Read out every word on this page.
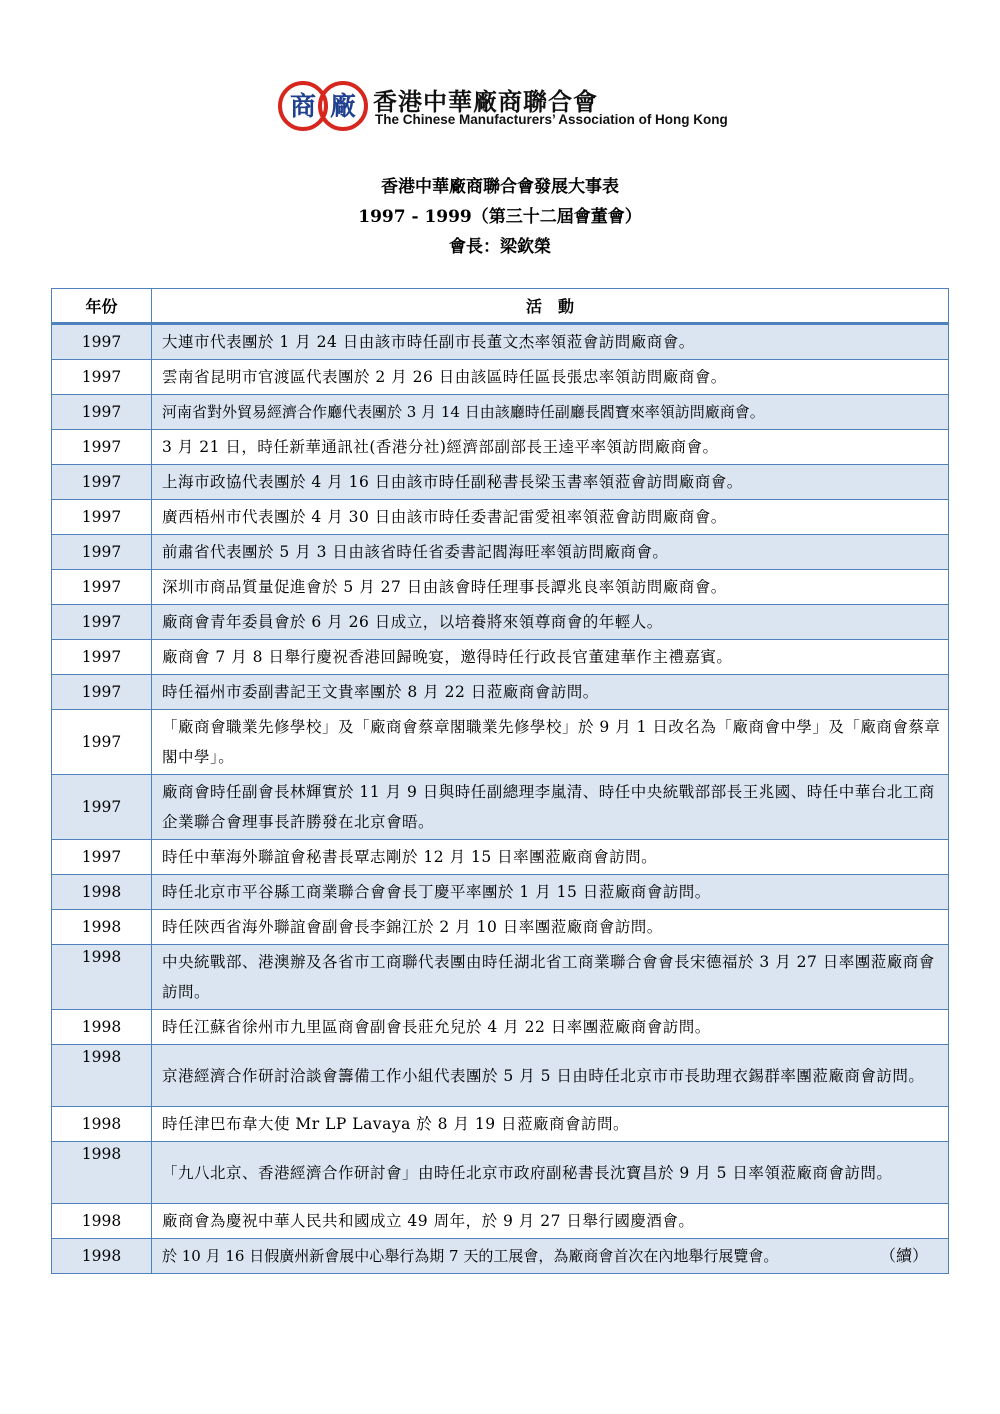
商 廠 香港中華廠商聯合會
The Chinese Manufacturers’ Association of Hong Kong
香港中華廠商聯合會發展大事表
1997 - 1999（第三十二屆會董會）
會長：梁欽榮
年份	活　動
1997	大連市代表團於 1 月 24 日由該市時任副市長董文杰率領蒞會訪問廠商會。
1997	雲南省昆明市官渡區代表團於 2 月 26 日由該區時任區長張忠率領訪問廠商會。
1997	河南省對外貿易經濟合作廳代表團於 3 月 14 日由該廳時任副廳長閻寶來率領訪問廠商會。
1997	3 月 21 日，時任新華通訊社(香港分社)經濟部副部長王逵平率領訪問廠商會。
1997	上海市政協代表團於 4 月 16 日由該市時任副秘書長梁玉書率領蒞會訪問廠商會。
1997	廣西梧州市代表團於 4 月 30 日由該市時任委書記雷愛祖率領蒞會訪問廠商會。
1997	前肅省代表團於 5 月 3 日由該省時任省委書記閻海旺率領訪問廠商會。
1997	深圳市商品質量促進會於 5 月 27 日由該會時任理事長譚兆良率領訪問廠商會。
1997	廠商會青年委員會於 6 月 26 日成立，以培養將來領尊商會的年輕人。
1997	廠商會 7 月 8 日舉行慶祝香港回歸晚宴，邀得時任行政長官董建華作主禮嘉賓。
1997	時任福州市委副書記王文貴率團於 8 月 22 日蒞廠商會訪問。
1997	「廠商會職業先修學校」及「廠商會蔡章閣職業先修學校」於 9 月 1 日改名為「廠商會中學」及「廠商會蔡章閣中學」。
1997	廠商會時任副會長林輝實於 11 月 9 日與時任副總理李嵐清、時任中央統戰部部長王兆國、時任中華台北工商企業聯合會理事長許勝發在北京會晤。
1997	時任中華海外聯誼會秘書長覃志剛於 12 月 15 日率團蒞廠商會訪問。
1998	時任北京市平谷縣工商業聯合會會長丁慶平率團於 1 月 15 日蒞廠商會訪問。
1998	時任陝西省海外聯誼會副會長李錦江於 2 月 10 日率團蒞廠商會訪問。
1998	中央統戰部、港澳辦及各省市工商聯代表團由時任湖北省工商業聯合會會長宋德福於 3 月 27 日率團蒞廠商會訪問。
1998	時任江蘇省徐州市九里區商會副會長莊允兒於 4 月 22 日率團蒞廠商會訪問。
1998	京港經濟合作研討洽談會籌備工作小組代表團於 5 月 5 日由時任北京市市長助理衣錫群率團蒞廠商會訪問。
1998	時任津巴布韋大使 Mr LP Lavaya 於 8 月 19 日蒞廠商會訪問。
1998	「九八北京、香港經濟合作研討會」由時任北京市政府副秘書長沈寶昌於 9 月 5 日率領蒞廠商會訪問。
1998	廠商會為慶祝中華人民共和國成立 49 周年，於 9 月 27 日舉行國慶酒會。
1998	於 10 月 16 日假廣州新會展中心舉行為期 7 天的工展會，為廠商會首次在內地舉行展覽會。	（續）
